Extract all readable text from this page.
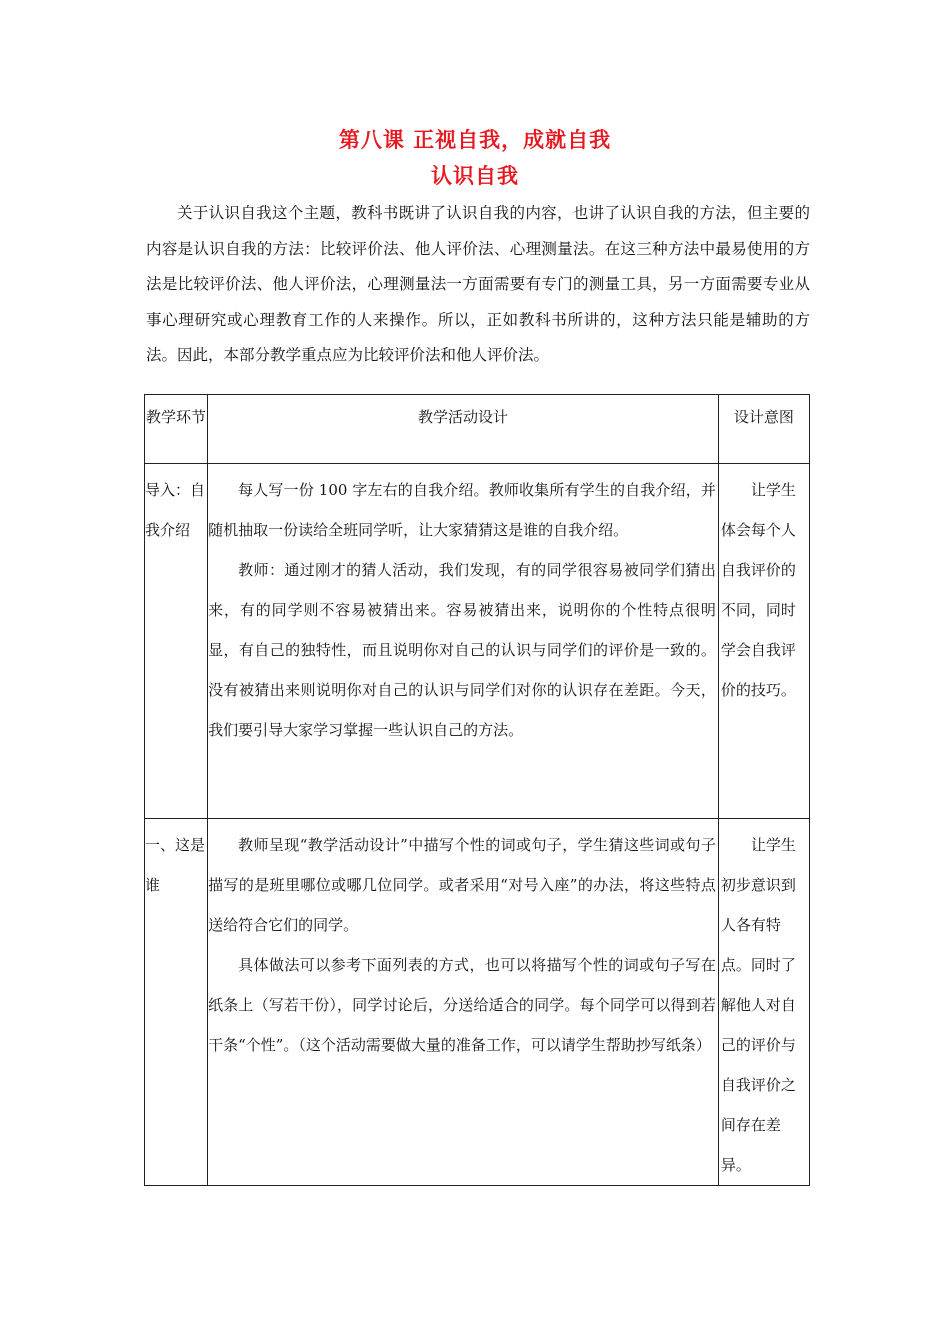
第八课 正视自我，成就自我
认识自我

关于认识自我这个主题，教科书既讲了认识自我的内容，也讲了认识自我的方法，但主要的内容是认识自我的方法：比较评价法、他人评价法、心理测量法。在这三种方法中最易使用的方法是比较评价法、他人评价法，心理测量法一方面需要有专门的测量工具，另一方面需要专业从事心理研究或心理教育工作的人来操作。所以，正如教科书所讲的，这种方法只能是辅助的方法。因此，本部分教学重点应为比较评价法和他人评价法。

教学环节	教学活动设计	设计意图

导入：自我介绍	每人写一份 100 字左右的自我介绍。教师收集所有学生的自我介绍，并随机抽取一份读给全班同学听，让大家猜猜这是谁的自我介绍。

教师：通过刚才的猜人活动，我们发现，有的同学很容易被同学们猜出来，有的同学则不容易被猜出来。容易被猜出来，说明你的个性特点很明显，有自己的独特性，而且说明你对自己的认识与同学们的评价是一致的。没有被猜出来则说明你对自己的认识与同学们对你的认识存在差距。今天，我们要引导大家学习掌握一些认识自己的方法。	让学生体会每个人自我评价的不同，同时学会自我评价的技巧。

一、这是谁	教师呈现“教学活动设计”中描写个性的词或句子，学生猜这些词或句子描写的是班里哪位或哪几位同学。或者采用“对号入座”的办法，将这些特点送给符合它们的同学。

具体做法可以参考下面列表的方式，也可以将描写个性的词或句子写在纸条上（写若干份），同学讨论后，分送给适合的同学。每个同学可以得到若干条“个性”。（这个活动需要做大量的准备工作，可以请学生帮助抄写纸条）	让学生初步意识到人各有特点。同时了解他人对自己的评价与自我评价之间存在差异。
